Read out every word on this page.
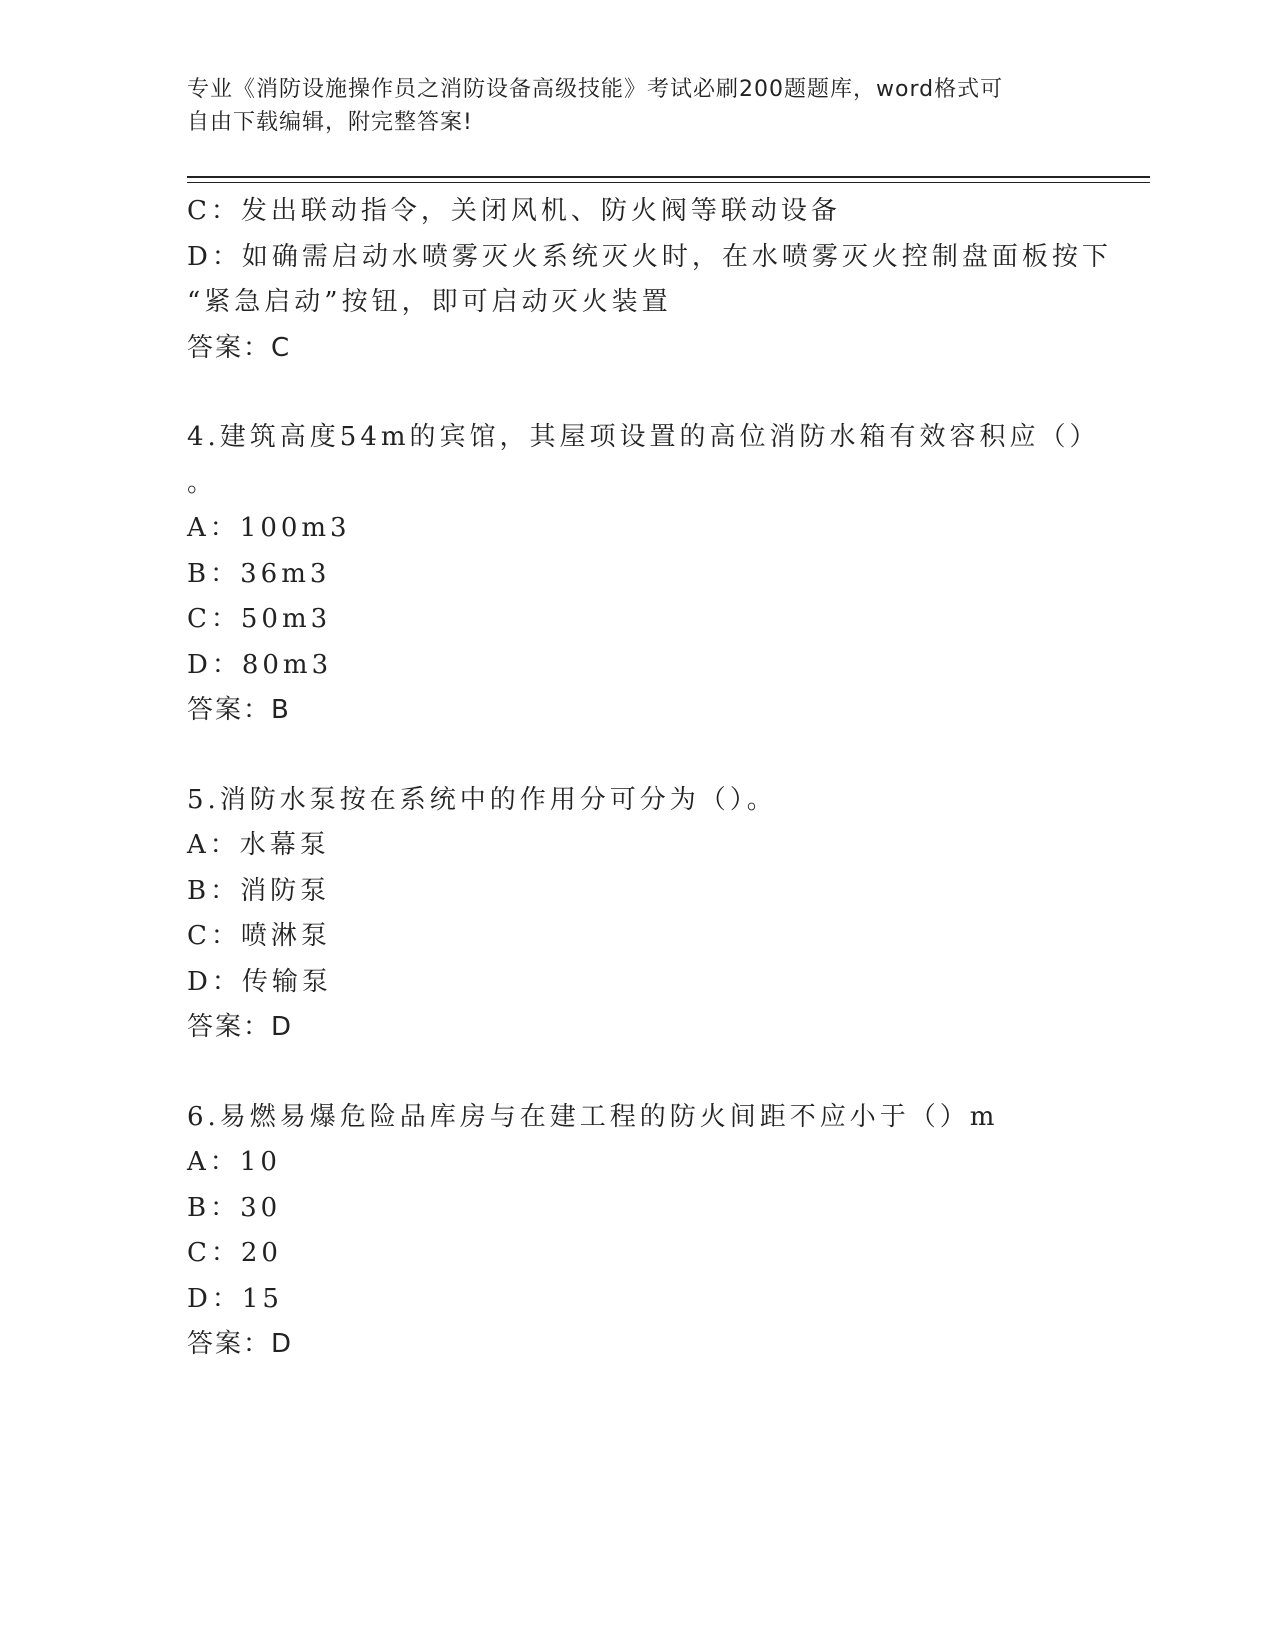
专业《消防设施操作员之消防设备高级技能》考试必刷200题题库，word格式可
自由下载编辑，附完整答案!
C：发出联动指令，关闭风机、防火阀等联动设备
D：如确需启动水喷雾灭火系统灭火时，在水喷雾灭火控制盘面板按下
“紧急启动”按钮，即可启动灭火装置
答案：C
4.建筑高度54m的宾馆，其屋项设置的高位消防水箱有效容积应（）
。
A：100m3
B：36m3
C：50m3
D：80m3
答案：B
5.消防水泵按在系统中的作用分可分为（）。
A：水幕泵
B：消防泵
C：喷淋泵
D：传输泵
答案：D
6.易燃易爆危险品库房与在建工程的防火间距不应小于（）m
A：10
B：30
C：20
D：15
答案：D
